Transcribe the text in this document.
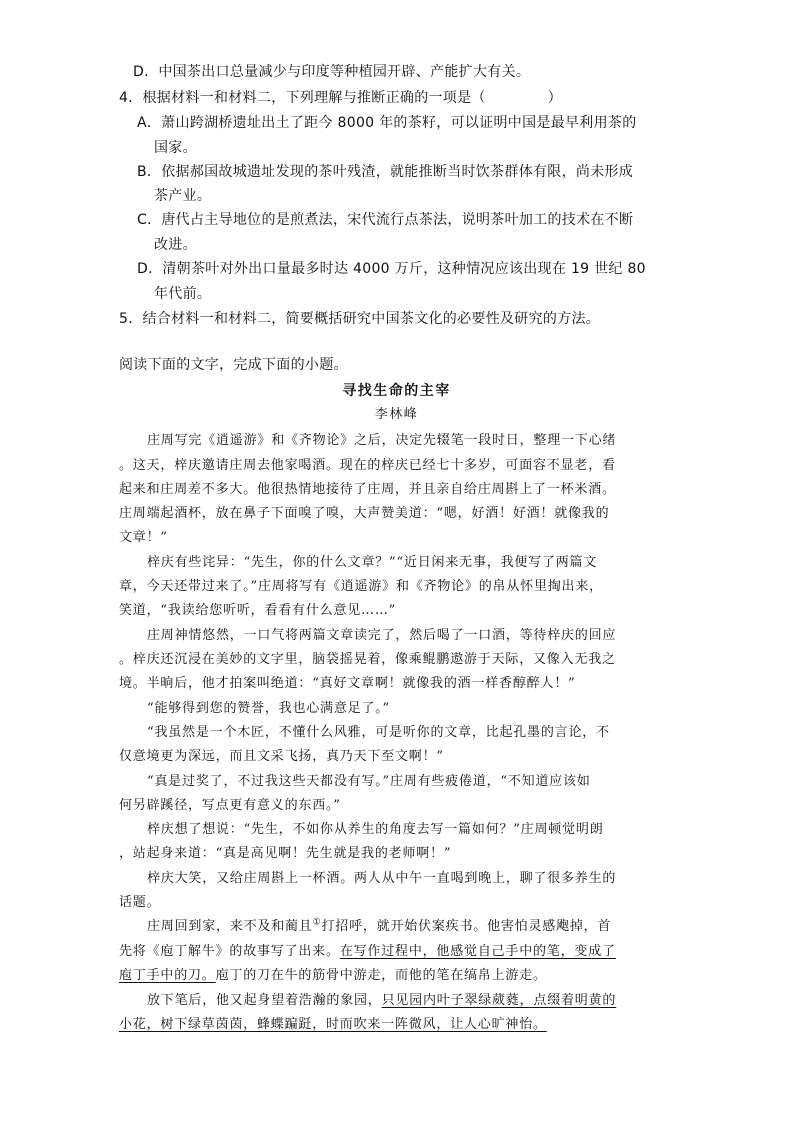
D．中国茶出口总量减少与印度等种植园开辟、产能扩大有关。
4．根据材料一和材料二，下列理解与推断正确的一项是（	）
A．萧山跨湖桥遗址出土了距今 8000 年的茶籽，可以证明中国是最早利用茶的
国家。
B．依据郝国故城遗址发现的茶叶残渣，就能推断当时饮茶群体有限，尚未形成
茶产业。
C．唐代占主导地位的是煎煮法，宋代流行点茶法，说明茶叶加工的技术在不断
改进。
D．清朝茶叶对外出口量最多时达 4000 万斤，这种情况应该出现在 19 世纪 80
年代前。
5．结合材料一和材料二，简要概括研究中国茶文化的必要性及研究的方法。
阅读下面的文字，完成下面的小题。
寻找生命的主宰
李林峰
庄周写完《逍遥游》和《齐物论》之后，决定先辍笔一段时日，整理一下心绪
。这天，梓庆邀请庄周去他家喝酒。现在的梓庆已经七十多岁，可面容不显老，看
起来和庄周差不多大。他很热情地接待了庄周，并且亲自给庄周斟上了一杯米酒。
庄周端起酒杯，放在鼻子下面嗅了嗅，大声赞美道：“嗯，好酒！好酒！就像我的
文章！”
梓庆有些诧异：“先生，你的什么文章？”“近日闲来无事，我便写了两篇文
章，今天还带过来了。”庄周将写有《逍遥游》和《齐物论》的帛从怀里掏出来，
笑道，“我读给您听听，看看有什么意见……”
庄周神情悠然，一口气将两篇文章读完了，然后喝了一口酒，等待梓庆的回应
。梓庆还沉浸在美妙的文字里，脑袋摇晃着，像乘鲲鹏遨游于天际，又像入无我之
境。半晌后，他才拍案叫绝道：“真好文章啊！就像我的酒一样香醇醉人！”
“能够得到您的赞誉，我也心满意足了。”
“我虽然是一个木匠，不懂什么风雅，可是听你的文章，比起孔墨的言论，不
仅意境更为深远，而且文采飞扬，真乃天下至文啊！”
“真是过奖了，不过我这些天都没有写。”庄周有些疲倦道，“不知道应该如
何另辟蹊径，写点更有意义的东西。”
梓庆想了想说：“先生，不如你从养生的角度去写一篇如何？”庄周顿觉明朗
，站起身来道：“真是高见啊！先生就是我的老师啊！”
梓庆大笑，又给庄周斟上一杯酒。两人从中午一直喝到晚上，聊了很多养生的
话题。
庄周回到家，来不及和蔺且①打招呼，就开始伏案疾书。他害怕灵感飑掉，首
先将《庖丁解牛》的故事写了出来。在写作过程中，他感觉自己手中的笔，变成了
庖丁手中的刀。庖丁的刀在牛的筋骨中游走，而他的笔在缟帛上游走。
放下笔后，他又起身望着浩瀚的象园，只见园内叶子翠绿葳蕤，点缀着明黄的
小花，树下绿草茵茵，蜂蝶蹁跹，时而吹来一阵微风，让人心旷神怡。
